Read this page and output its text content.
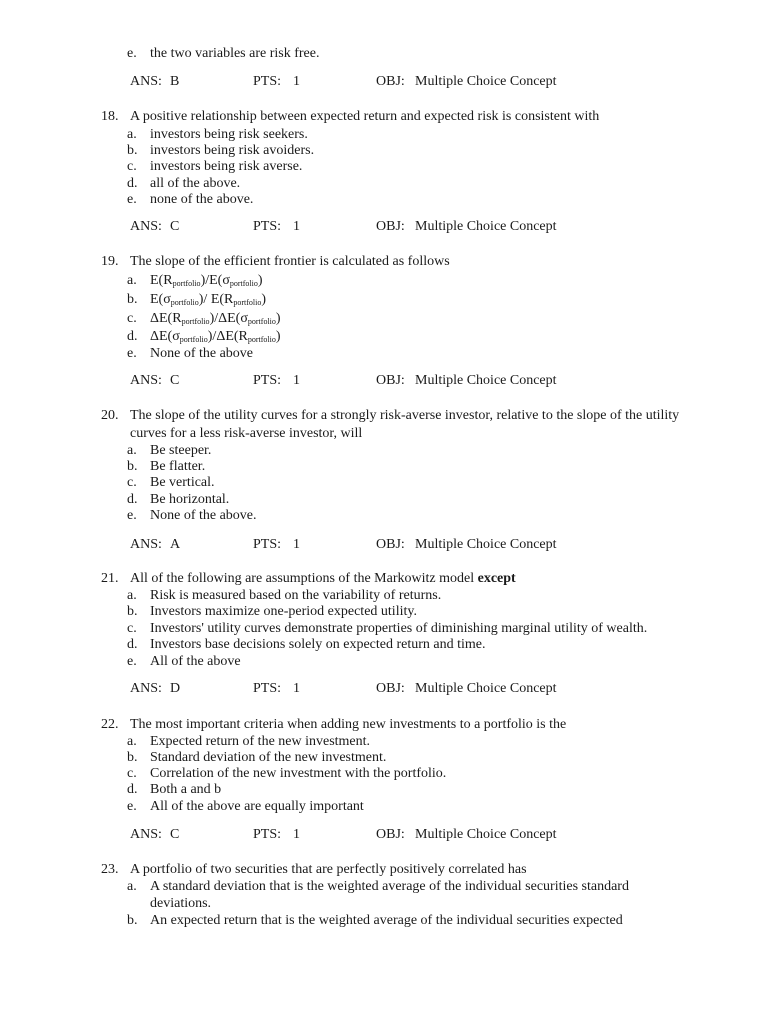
e. the two variables are risk free.
ANS: B	PTS: 1	OBJ: Multiple Choice Concept
18. A positive relationship between expected return and expected risk is consistent with
a. investors being risk seekers.
b. investors being risk avoiders.
c. investors being risk averse.
d. all of the above.
e. none of the above.
ANS: C	PTS: 1	OBJ: Multiple Choice Concept
19. The slope of the efficient frontier is calculated as follows
a. $E(R_{portfolio})/E(\sigma_{portfolio})$
b. $E(\sigma_{portfolio})/$ $E(R_{portfolio})$
c. $\Delta E(R_{portfolio})/\Delta E(\sigma_{portfolio})$
d. $\Delta E(\sigma_{portfolio})/\Delta E(R_{portfolio})$
e. None of the above
ANS: C	PTS: 1	OBJ: Multiple Choice Concept
20. The slope of the utility curves for a strongly risk-averse investor, relative to the slope of the utility
curves for a less risk-averse investor, will
a. Be steeper.
b. Be flatter.
c. Be vertical.
d. Be horizontal.
e. None of the above.
ANS: A	PTS: 1	OBJ: Multiple Choice Concept
21. All of the following are assumptions of the Markowitz model except
a. Risk is measured based on the variability of returns.
b. Investors maximize one-period expected utility.
c. Investors' utility curves demonstrate properties of diminishing marginal utility of wealth.
d. Investors base decisions solely on expected return and time.
e. All of the above
ANS: D	PTS: 1	OBJ: Multiple Choice Concept
22. The most important criteria when adding new investments to a portfolio is the
a. Expected return of the new investment.
b. Standard deviation of the new investment.
c. Correlation of the new investment with the portfolio.
d. Both a and b
e. All of the above are equally important
ANS: C	PTS: 1	OBJ: Multiple Choice Concept
23. A portfolio of two securities that are perfectly positively correlated has
a. A standard deviation that is the weighted average of the individual securities standard
deviations.
b. An expected return that is the weighted average of the individual securities expected
